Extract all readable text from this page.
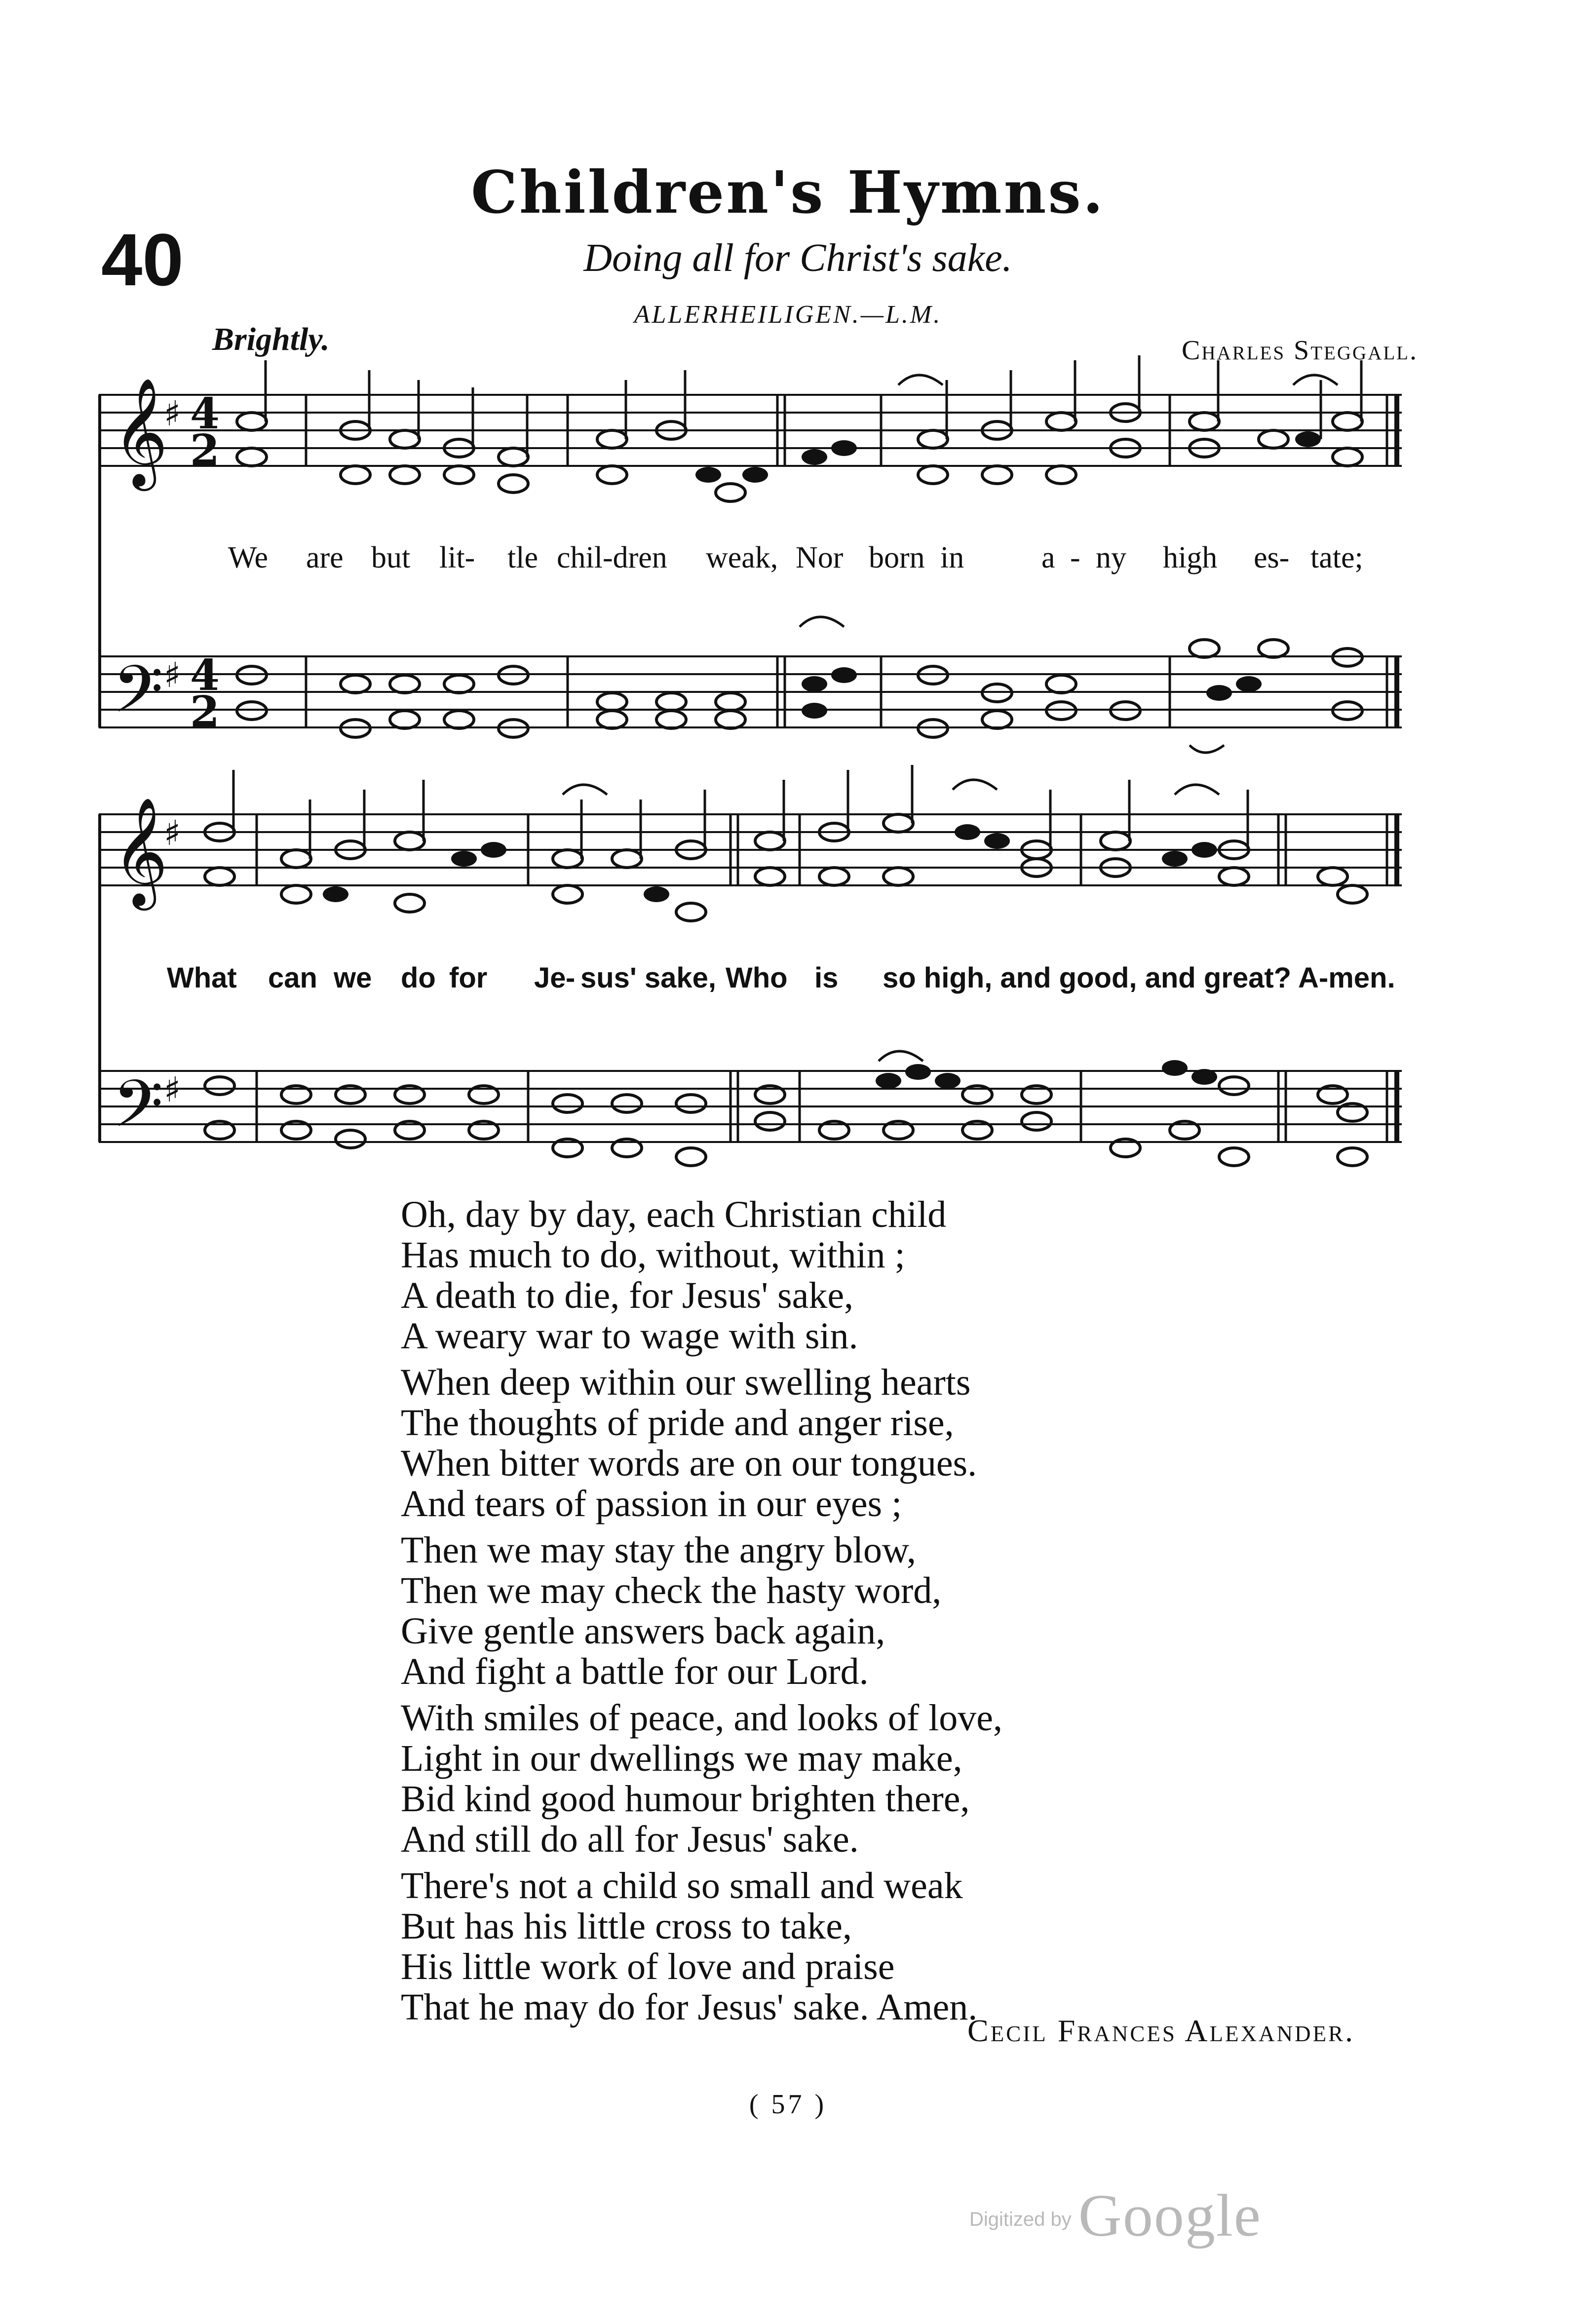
Children's Hymns.
40	Doing all for Christ's sake.
ALLERHEILIGEN.—L.M.
Brightly.	Charles Steggall.
𝄞
𝄢
♯
♯
4
2
4
2
𝄞
𝄢
♯
♯
We are but lit- tle chil-dren weak, Nor born in	a - ny high es- tate;
What can we do for Je - sus' sake, Who is so high, and good, and great? A-men.
Oh, day by day, each Christian child
Has much to do, without, within ;
A death to die, for Jesus' sake,
A weary war to wage with sin.
When deep within our swelling hearts
The thoughts of pride and anger rise,
When bitter words are on our tongues.
And tears of passion in our eyes ;
Then we may stay the angry blow,
Then we may check the hasty word,
Give gentle answers back again,
And fight a battle for our Lord.
With smiles of peace, and looks of love,
Light in our dwellings we may make,
Bid kind good humour brighten there,
And still do all for Jesus' sake.
There's not a child so small and weak
But has his little cross to take,
His little work of love and praise
That he may do for Jesus' sake. Amen.
Cecil Frances Alexander.
( 57 )
Digitized by Google
